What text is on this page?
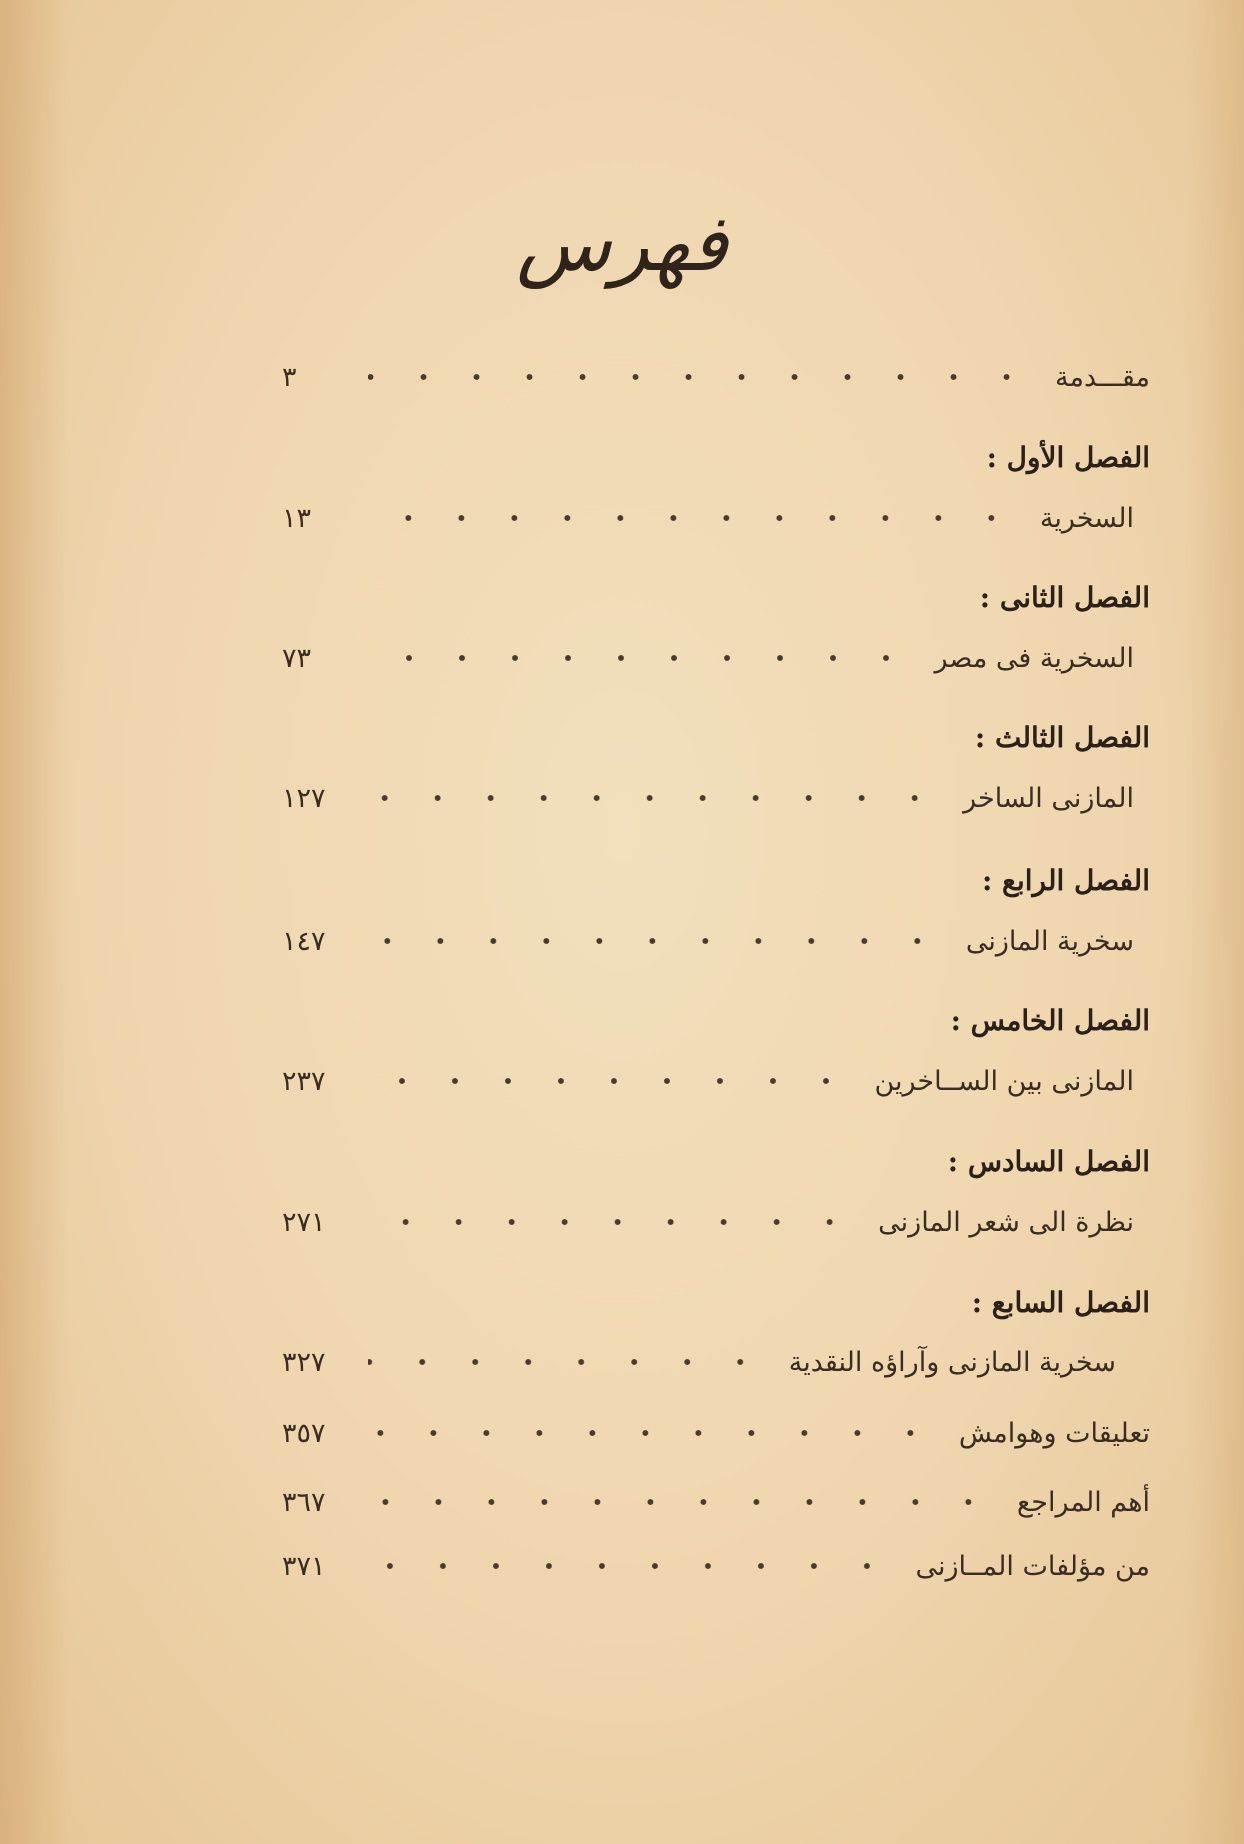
فهرس
مقـــدمة
٣
الفصل الأول :
السخرية
١٣
الفصل الثانى :
السخرية فى مصر
٧٣
الفصل الثالث :
المازنى الساخر
١٢٧
الفصل الرابع :
سخرية المازنى
١٤٧
الفصل الخامس :
المازنى بين الســاخرين
٢٣٧
الفصل السادس :
نظرة الى شعر المازنى
٢٧١
الفصل السابع :
سخرية المازنى وآراؤه النقدية
٣٢٧
تعليقات وهوامش
٣٥٧
أهم المراجع
٣٦٧
من مؤلفات المــازنى
٣٧١
